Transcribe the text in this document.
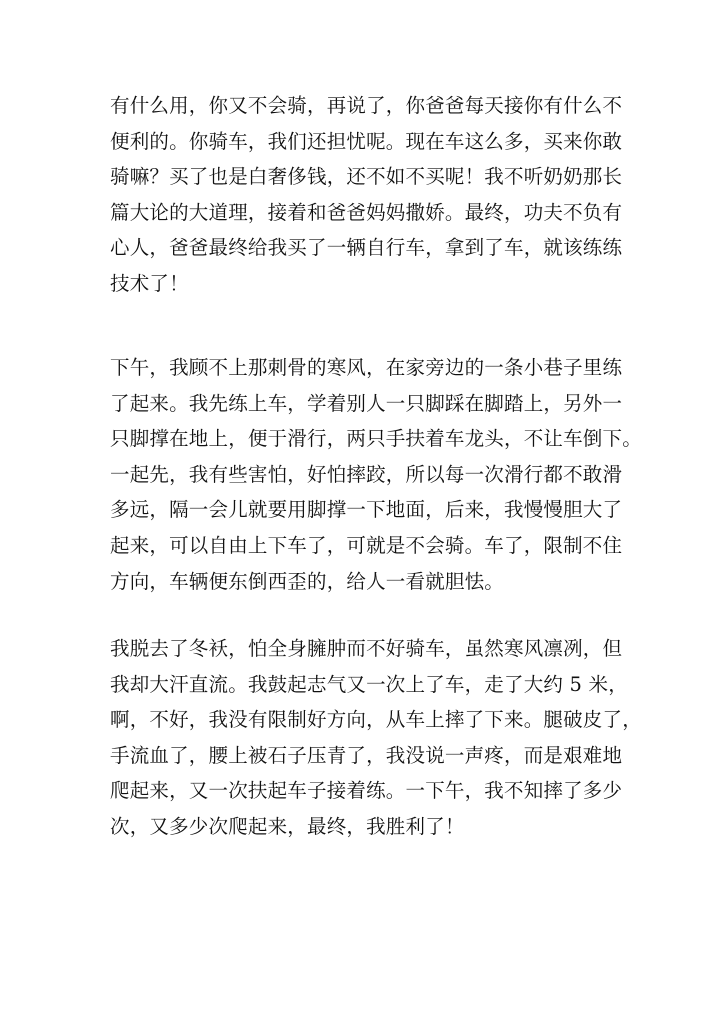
有什么用，你又不会骑，再说了，你爸爸每天接你有什么不
便利的。你骑车，我们还担忧呢。现在车这么多，买来你敢
骑嘛？买了也是白奢侈钱，还不如不买呢！我不听奶奶那长
篇大论的大道理，接着和爸爸妈妈撒娇。最终，功夫不负有
心人，爸爸最终给我买了一辆自行车，拿到了车，就该练练
技术了！
下午，我顾不上那刺骨的寒风，在家旁边的一条小巷子里练
了起来。我先练上车，学着别人一只脚踩在脚踏上，另外一
只脚撑在地上，便于滑行，两只手扶着车龙头，不让车倒下。
一起先，我有些害怕，好怕摔跤，所以每一次滑行都不敢滑
多远，隔一会儿就要用脚撑一下地面，后来，我慢慢胆大了
起来，可以自由上下车了，可就是不会骑。车了，限制不住
方向，车辆便东倒西歪的，给人一看就胆怯。
我脱去了冬袄，怕全身臃肿而不好骑车，虽然寒风凛冽，但
我却大汗直流。我鼓起志气又一次上了车，走了大约 5 米，
啊，不好，我没有限制好方向，从车上摔了下来。腿破皮了，
手流血了，腰上被石子压青了，我没说一声疼，而是艰难地
爬起来，又一次扶起车子接着练。一下午，我不知摔了多少
次，又多少次爬起来，最终，我胜利了！
